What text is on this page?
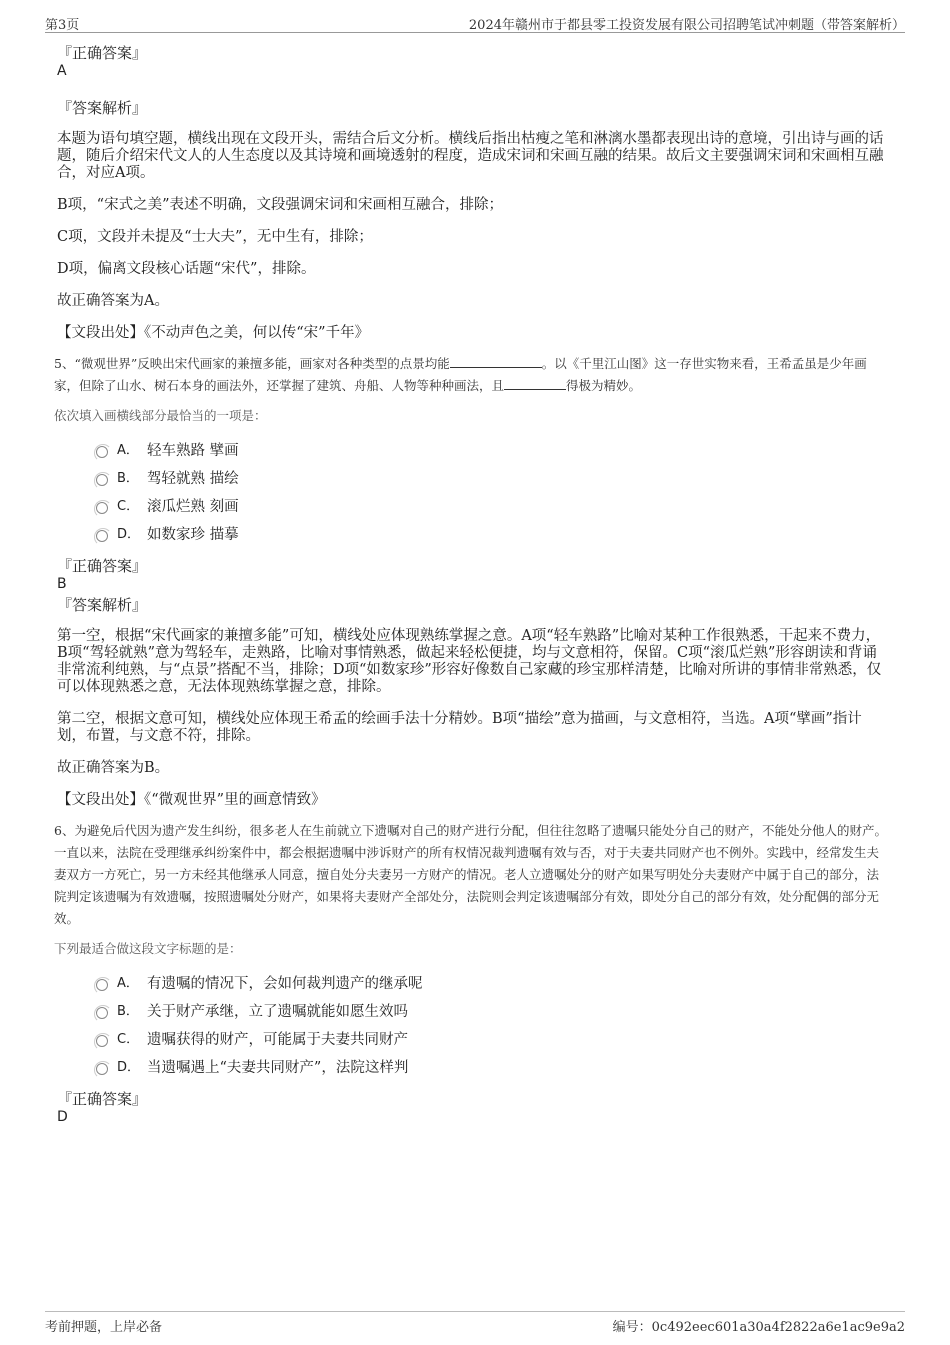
第3页	2024年赣州市于都县零工投资发展有限公司招聘笔试冲刺题（带答案解析）

『正确答案』

A

『答案解析』

本题为语句填空题，横线出现在文段开头，需结合后文分析。横线后指出枯瘦之笔和淋漓水墨都表现出诗的意境，引出诗与画的话题，随后介绍宋代文人的人生态度以及其诗境和画境透射的程度，造成宋词和宋画互融的结果。故后文主要强调宋词和宋画相互融合，对应A项。

B项，“宋式之美”表述不明确，文段强调宋词和宋画相互融合，排除；

C项，文段并未提及“士大夫”，无中生有，排除；

D项，偏离文段核心话题“宋代”，排除。

故正确答案为A。

【文段出处】《不动声色之美，何以传“宋”千年》

5、“微观世界”反映出宋代画家的兼擅多能，画家对各种类型的点景均能	。以《千里江山图》这一存世实物来看，王希孟虽是少年画家，但除了山水、树石本身的画法外，还掌握了建筑、舟船、人物等种种画法，且	得极为精妙。

依次填入画横线部分最恰当的一项是：

A． 轻车熟路 擘画
B． 驾轻就熟 描绘
C． 滚瓜烂熟 刻画
D． 如数家珍 描摹

『正确答案』

B

『答案解析』

第一空，根据“宋代画家的兼擅多能”可知，横线处应体现熟练掌握之意。A项“轻车熟路”比喻对某种工作很熟悉，干起来不费力，B项“驾轻就熟”意为驾轻车，走熟路，比喻对事情熟悉，做起来轻松便捷，均与文意相符，保留。C项“滚瓜烂熟”形容朗读和背诵非常流利纯熟，与“点景”搭配不当，排除；D项“如数家珍”形容好像数自己家藏的珍宝那样清楚，比喻对所讲的事情非常熟悉，仅可以体现熟悉之意，无法体现熟练掌握之意，排除。

第二空，根据文意可知，横线处应体现王希孟的绘画手法十分精妙。B项“描绘”意为描画，与文意相符，当选。A项“擘画”指计划，布置，与文意不符，排除。

故正确答案为B。

【文段出处】《“微观世界”里的画意情致》

6、为避免后代因为遗产发生纠纷，很多老人在生前就立下遗嘱对自己的财产进行分配，但往往忽略了遗嘱只能处分自己的财产，不能处分他人的财产。一直以来，法院在受理继承纠纷案件中，都会根据遗嘱中涉诉财产的所有权情况裁判遗嘱有效与否，对于夫妻共同财产也不例外。实践中，经常发生夫妻双方一方死亡，另一方未经其他继承人同意，擅自处分夫妻另一方财产的情况。老人立遗嘱处分的财产如果写明处分夫妻财产中属于自己的部分，法院判定该遗嘱为有效遗嘱，按照遗嘱处分财产，如果将夫妻财产全部处分，法院则会判定该遗嘱部分有效，即处分自己的部分有效，处分配偶的部分无效。

下列最适合做这段文字标题的是：

A． 有遗嘱的情况下，会如何裁判遗产的继承呢
B． 关于财产承继，立了遗嘱就能如愿生效吗
C． 遗嘱获得的财产，可能属于夫妻共同财产
D． 当遗嘱遇上“夫妻共同财产”，法院这样判

『正确答案』

D

考前押题，上岸必备	编号：0c492eec601a30a4f2822a6e1ac9e9a2
